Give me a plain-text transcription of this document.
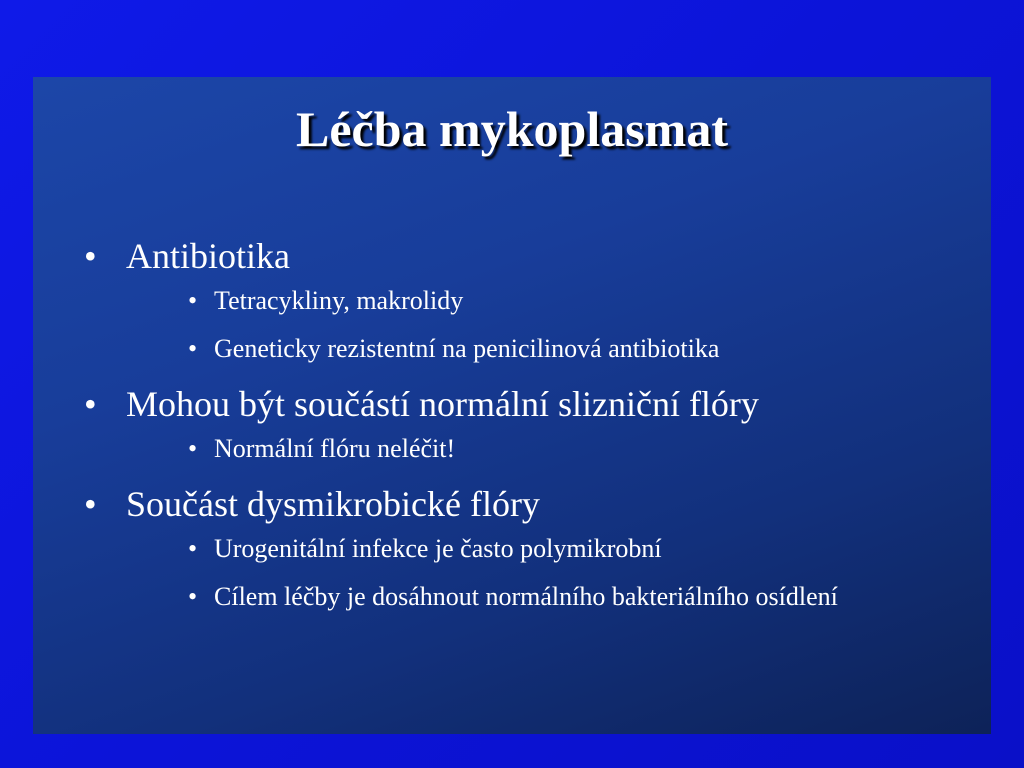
Léčba mykoplasmat
• Antibiotika
• Tetracykliny, makrolidy
• Geneticky rezistentní na penicilinová antibiotika
• Mohou být součástí normální slizniční flóry
• Normální flóru neléčit!
• Součást dysmikrobické flóry
• Urogenitální infekce je často polymikrobní
• Cílem léčby je dosáhnout normálního bakteriálního osídlení
